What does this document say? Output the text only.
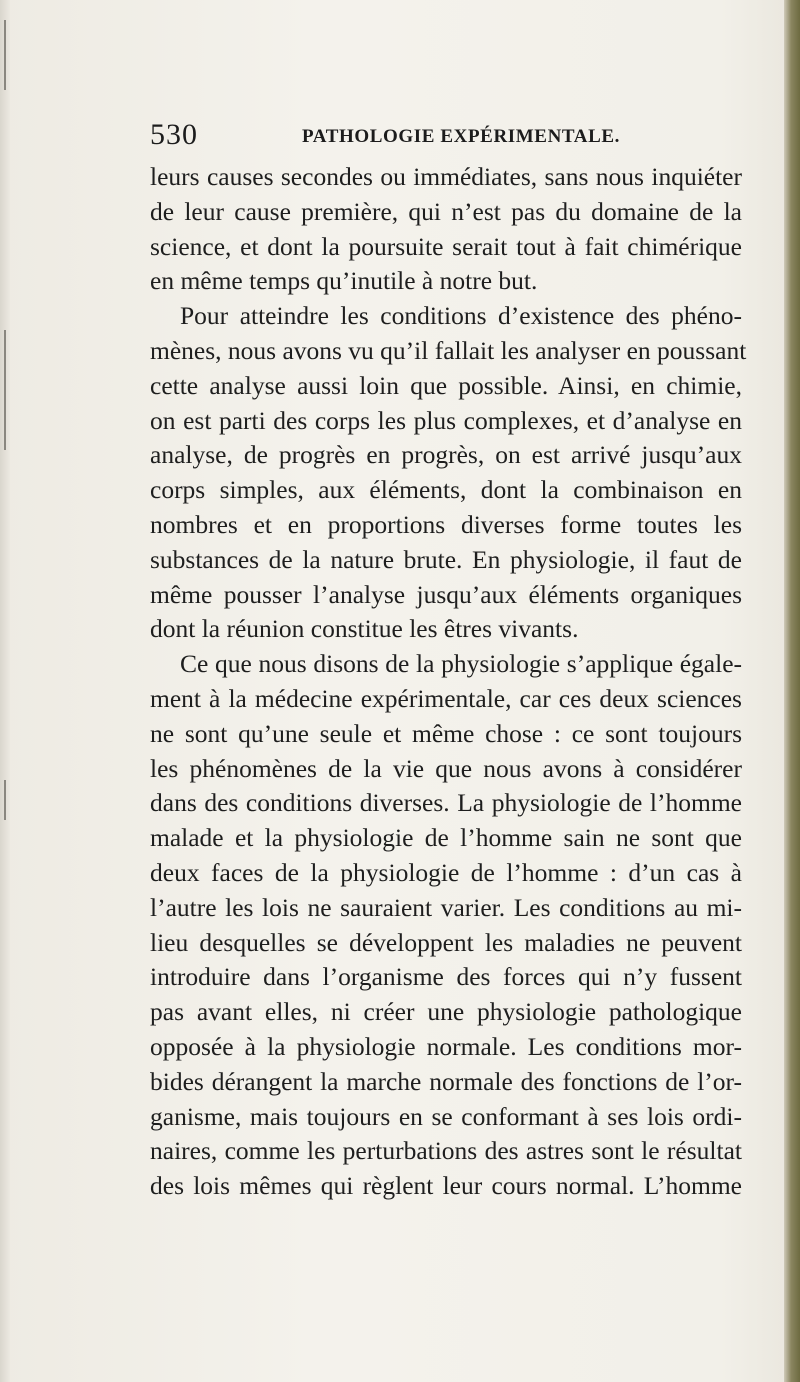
530	PATHOLOGIE EXPÉRIMENTALE.
leurs causes secondes ou immédiates, sans nous inquiéter
de leur cause première, qui n’est pas du domaine de la
science, et dont la poursuite serait tout à fait chimérique
en même temps qu’inutile à notre but.
Pour atteindre les conditions d’existence des phéno-
mènes, nous avons vu qu’il fallait les analyser en poussant
cette analyse aussi loin que possible. Ainsi, en chimie,
on est parti des corps les plus complexes, et d’analyse en
analyse, de progrès en progrès, on est arrivé jusqu’aux
corps simples, aux éléments, dont la combinaison en
nombres et en proportions diverses forme toutes les
substances de la nature brute. En physiologie, il faut de
même pousser l’analyse jusqu’aux éléments organiques
dont la réunion constitue les êtres vivants.
Ce que nous disons de la physiologie s’applique égale-
ment à la médecine expérimentale, car ces deux sciences
ne sont qu’une seule et même chose : ce sont toujours
les phénomènes de la vie que nous avons à considérer
dans des conditions diverses. La physiologie de l’homme
malade et la physiologie de l’homme sain ne sont que
deux faces de la physiologie de l’homme : d’un cas à
l’autre les lois ne sauraient varier. Les conditions au mi-
lieu desquelles se développent les maladies ne peuvent
introduire dans l’organisme des forces qui n’y fussent
pas avant elles, ni créer une physiologie pathologique
opposée à la physiologie normale. Les conditions mor-
bides dérangent la marche normale des fonctions de l’or-
ganisme, mais toujours en se conformant à ses lois ordi-
naires, comme les perturbations des astres sont le résultat
des lois mêmes qui règlent leur cours normal. L’homme
